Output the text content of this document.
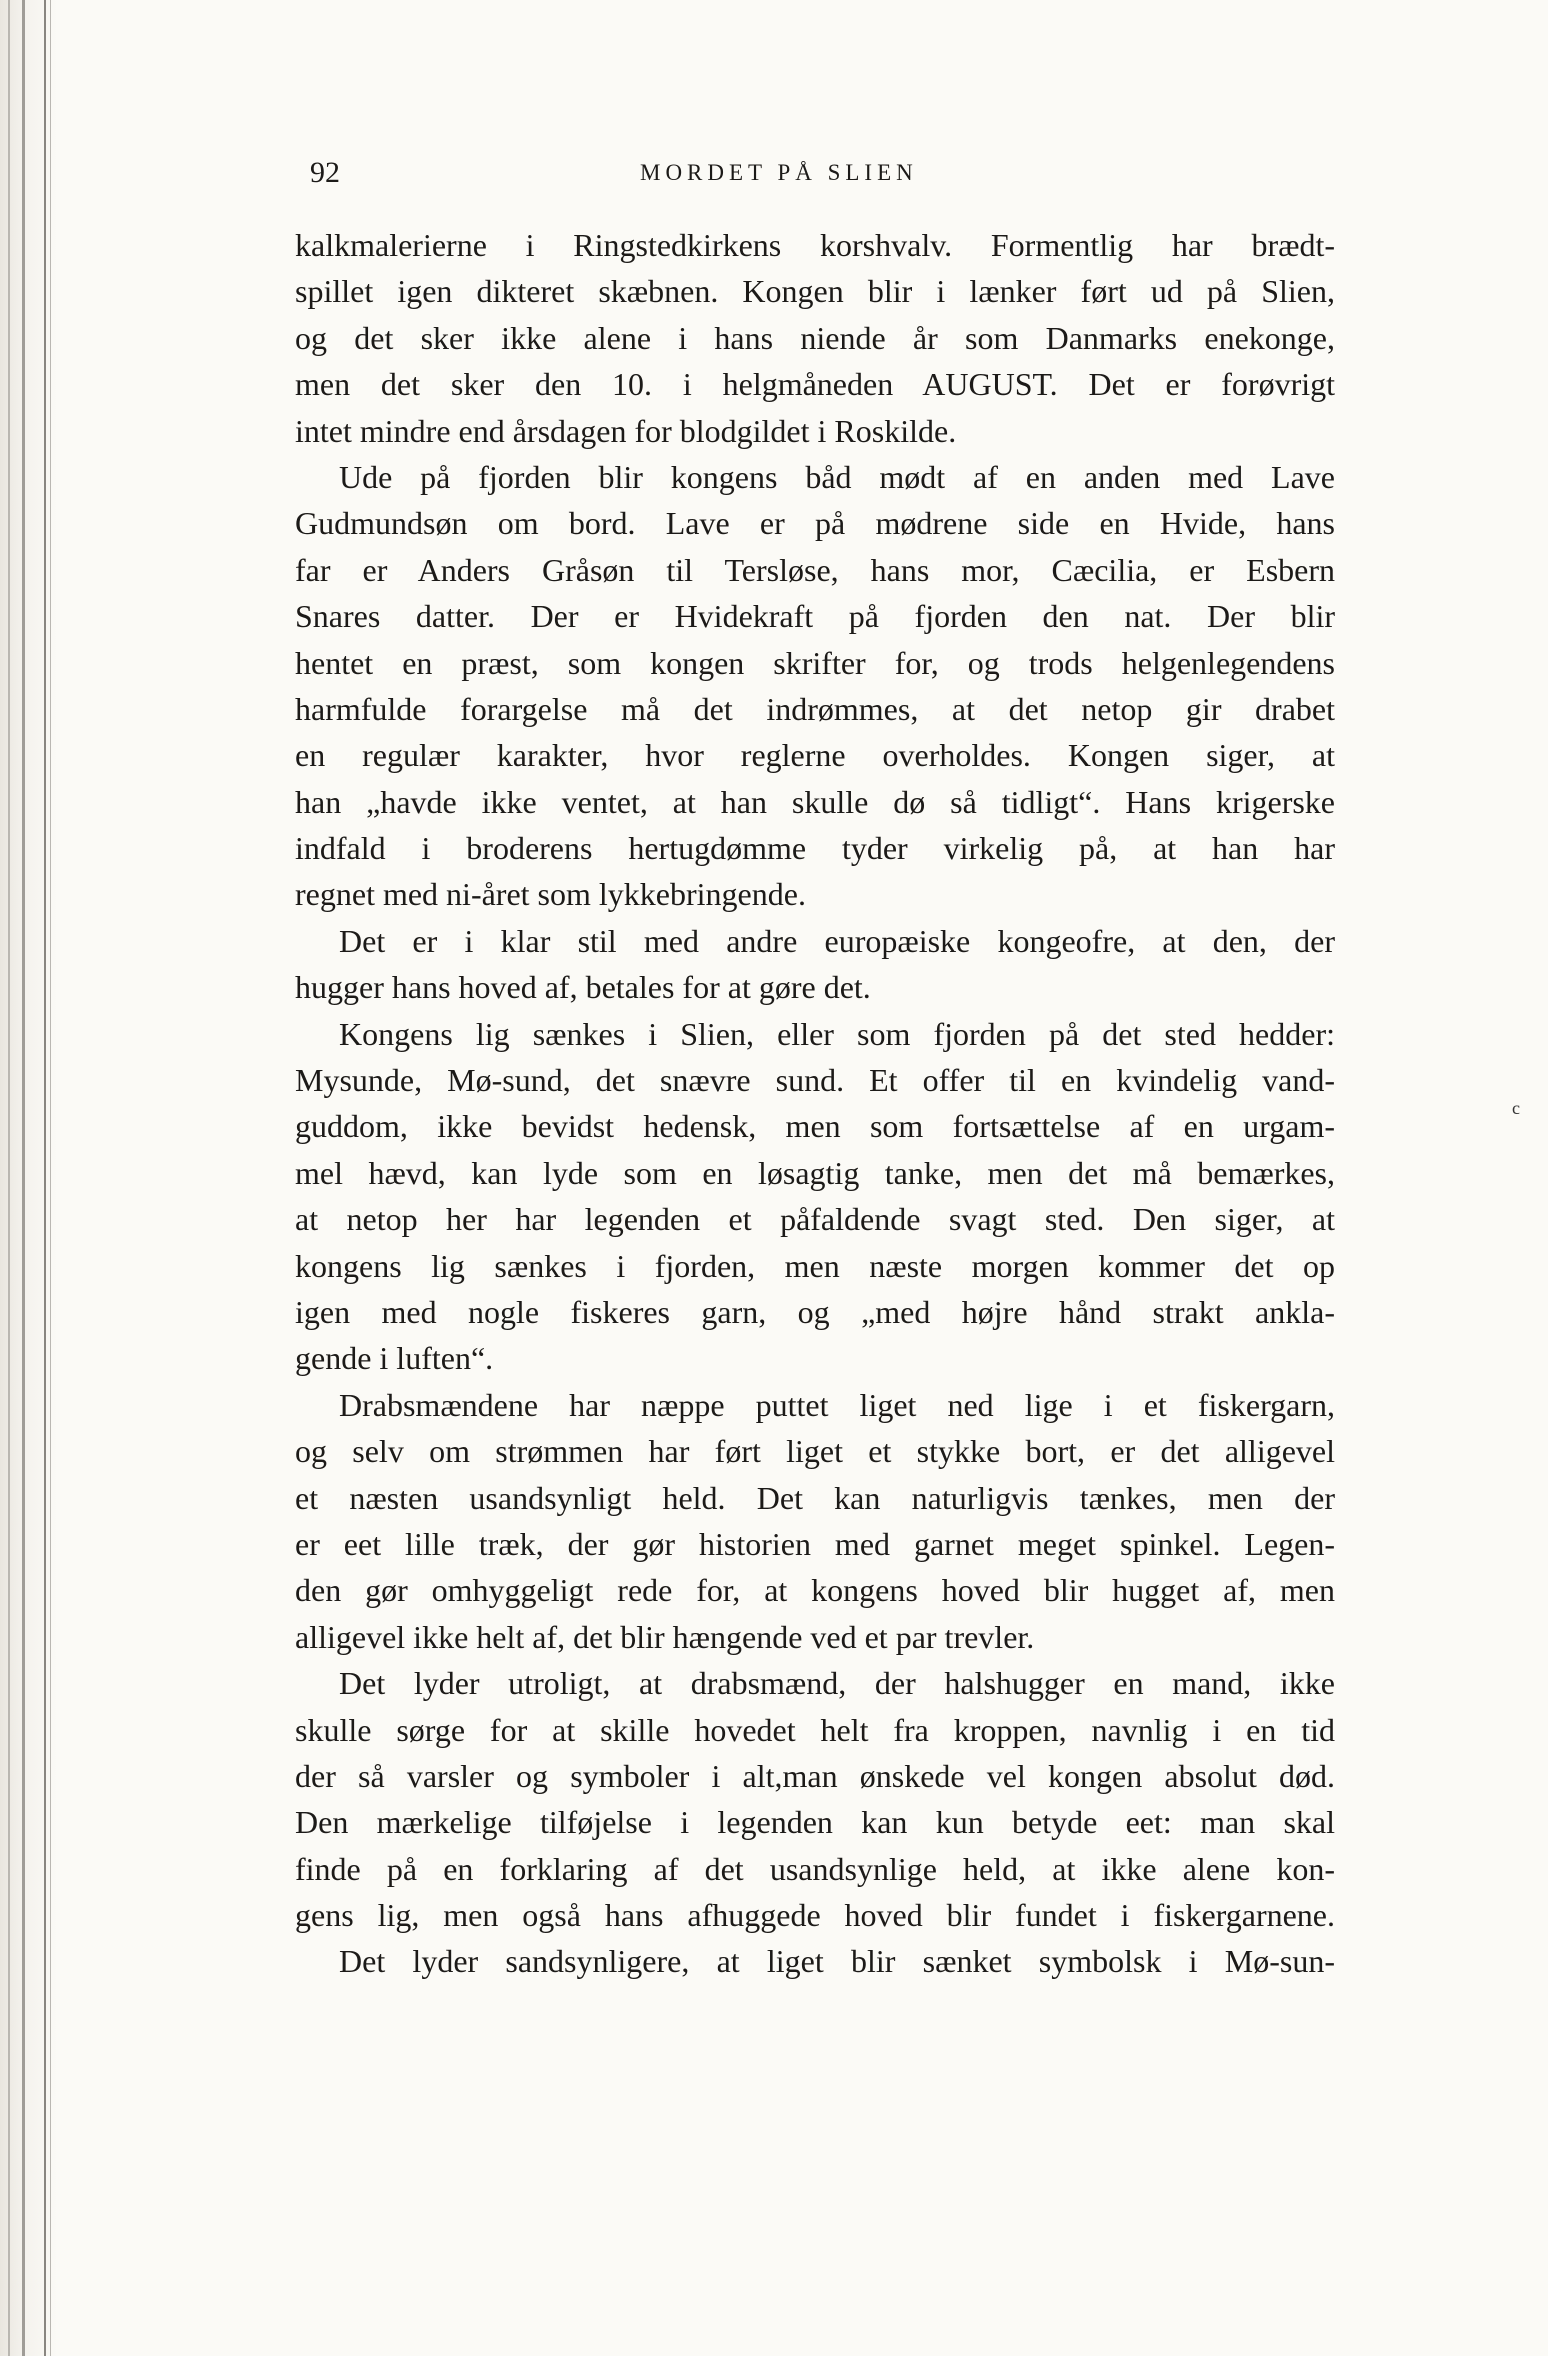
92	MORDET PÅ SLIEN
kalkmalerierne i Ringstedkirkens korshvalv. Formentlig har brædt-
spillet igen dikteret skæbnen. Kongen blir i lænker ført ud på Slien,
og det sker ikke alene i hans niende år som Danmarks enekonge,
men det sker den 10. i helgmåneden AUGUST. Det er forøvrigt
intet mindre end årsdagen for blodgildet i Roskilde.
Ude på fjorden blir kongens båd mødt af en anden med Lave
Gudmundsøn om bord. Lave er på mødrene side en Hvide, hans
far er Anders Gråsøn til Tersløse, hans mor, Cæcilia, er Esbern
Snares datter. Der er Hvidekraft på fjorden den nat. Der blir
hentet en præst, som kongen skrifter for, og trods helgenlegendens
harmfulde forargelse må det indrømmes, at det netop gir drabet
en regulær karakter, hvor reglerne overholdes. Kongen siger, at
han „havde ikke ventet, at han skulle dø så tidligt“. Hans krigerske
indfald i broderens hertugdømme tyder virkelig på, at han har
regnet med ni-året som lykkebringende.
Det er i klar stil med andre europæiske kongeofre, at den, der
hugger hans hoved af, betales for at gøre det.
Kongens lig sænkes i Slien, eller som fjorden på det sted hedder:
Mysunde, Mø-sund, det snævre sund. Et offer til en kvindelig vand-
guddom, ikke bevidst hedensk, men som fortsættelse af en urgam-
mel hævd, kan lyde som en løsagtig tanke, men det må bemærkes,
at netop her har legenden et påfaldende svagt sted. Den siger, at
kongens lig sænkes i fjorden, men næste morgen kommer det op
igen med nogle fiskeres garn, og „med højre hånd strakt ankla-
gende i luften“.
Drabsmændene har næppe puttet liget ned lige i et fiskergarn,
og selv om strømmen har ført liget et stykke bort, er det alligevel
et næsten usandsynligt held. Det kan naturligvis tænkes, men der
er eet lille træk, der gør historien med garnet meget spinkel. Legen-
den gør omhyggeligt rede for, at kongens hoved blir hugget af, men
alligevel ikke helt af, det blir hængende ved et par trevler.
Det lyder utroligt, at drabsmænd, der halshugger en mand, ikke
skulle sørge for at skille hovedet helt fra kroppen, navnlig i en tid
der så varsler og symboler i alt,man ønskede vel kongen absolut død.
Den mærkelige tilføjelse i legenden kan kun betyde eet: man skal
finde på en forklaring af det usandsynlige held, at ikke alene kon-
gens lig, men også hans afhuggede hoved blir fundet i fiskergarnene.
Det lyder sandsynligere, at liget blir sænket symbolsk i Mø-sun-
c
